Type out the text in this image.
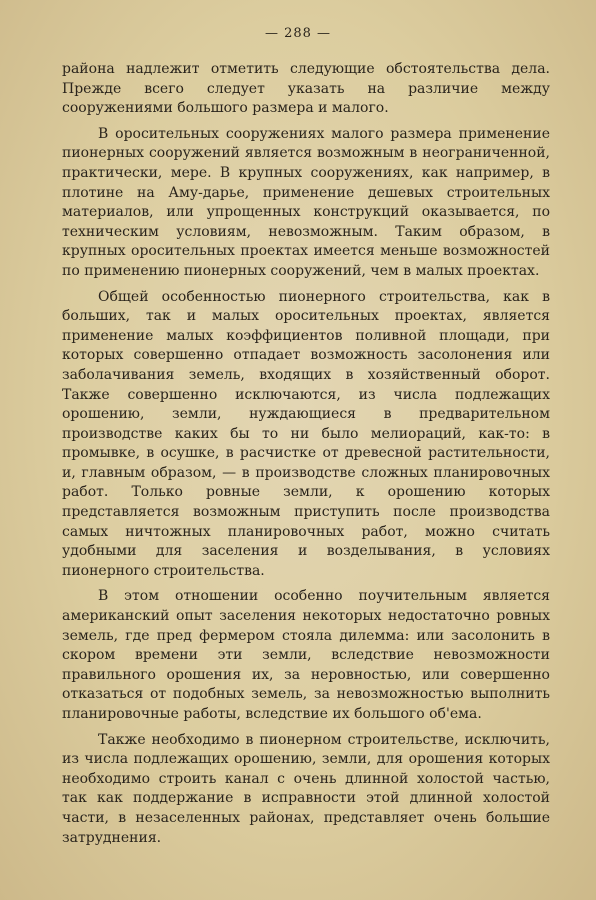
— 288 —

района надлежит отметить следующие обстоятельства дела. Прежде всего следует указать на различие между сооружениями большого размера и малого.

В оросительных сооружениях малого размера применение пионерных сооружений является возможным в неограниченной, практически, мере. В крупных сооружениях, как например, в плотине на Аму-дарье, применение дешевых строительных материалов, или упрощенных конструкций оказывается, по техническим условиям, невозможным. Таким образом, в крупных оросительных проектах имеется меньше возможностей по применению пионерных сооружений, чем в малых проектах.

Общей особенностью пионерного строительства, как в больших, так и малых оросительных проектах, является применение малых коэффициентов поливной площади, при которых совершенно отпадает возможность засолонения или заболачивания земель, входящих в хозяйственный оборот. Также совершенно исключаются, из числа подлежащих орошению, земли, нуждающиеся в предварительном производстве каких бы то ни было мелиораций, как-то: в промывке, в осушке, в расчистке от древесной растительности, и, главным образом, — в производстве сложных планировочных работ. Только ровные земли, к орошению которых представляется возможным приступить после производства самых ничтожных планировочных работ, можно считать удобными для заселения и возделывания, в условиях пионерного строительства.

В этом отношении особенно поучительным является американский опыт заселения некоторых недостаточно ровных земель, где пред фермером стояла дилемма: или засолонить в скором времени эти земли, вследствие невозможности правильного орошения их, за неровностью, или совершенно отказаться от подобных земель, за невозможностью выполнить планировочные работы, вследствие их большого об'ема.

Также необходимо в пионерном строительстве, исключить, из числа подлежащих орошению, земли, для орошения которых необходимо строить канал с очень длинной холостой частью, так как поддержание в исправности этой длинной холостой части, в незаселенных районах, представляет очень большие затруднения.
